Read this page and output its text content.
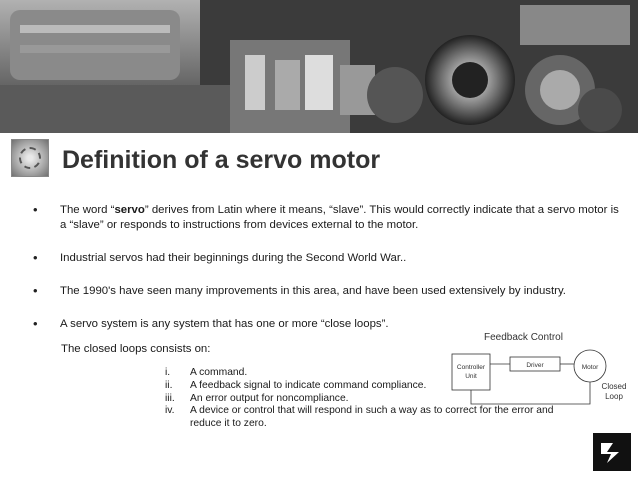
Definition of a servo motor
• The word “servo” derives from Latin where it means, “slave”. This would correctly indicate that a servo motor is a “slave” or responds to instructions from devices external to the motor.
• Industrial servos had their beginnings during the Second World War..
• The 1990's have seen many improvements in this area, and have been used extensively by industry.
• A servo system is any system that has one or more “close loops”.

The closed loops consists on:

i.	A command.
ii.	A feedback signal to indicate command compliance.
iii.	An error output for noncompliance.
iv.	A device or control that will respond in such a way as to correct for the error and reduce it to zero.
Feedback Control
Controller
Unit
Driver	Motor
Closed
Loop
